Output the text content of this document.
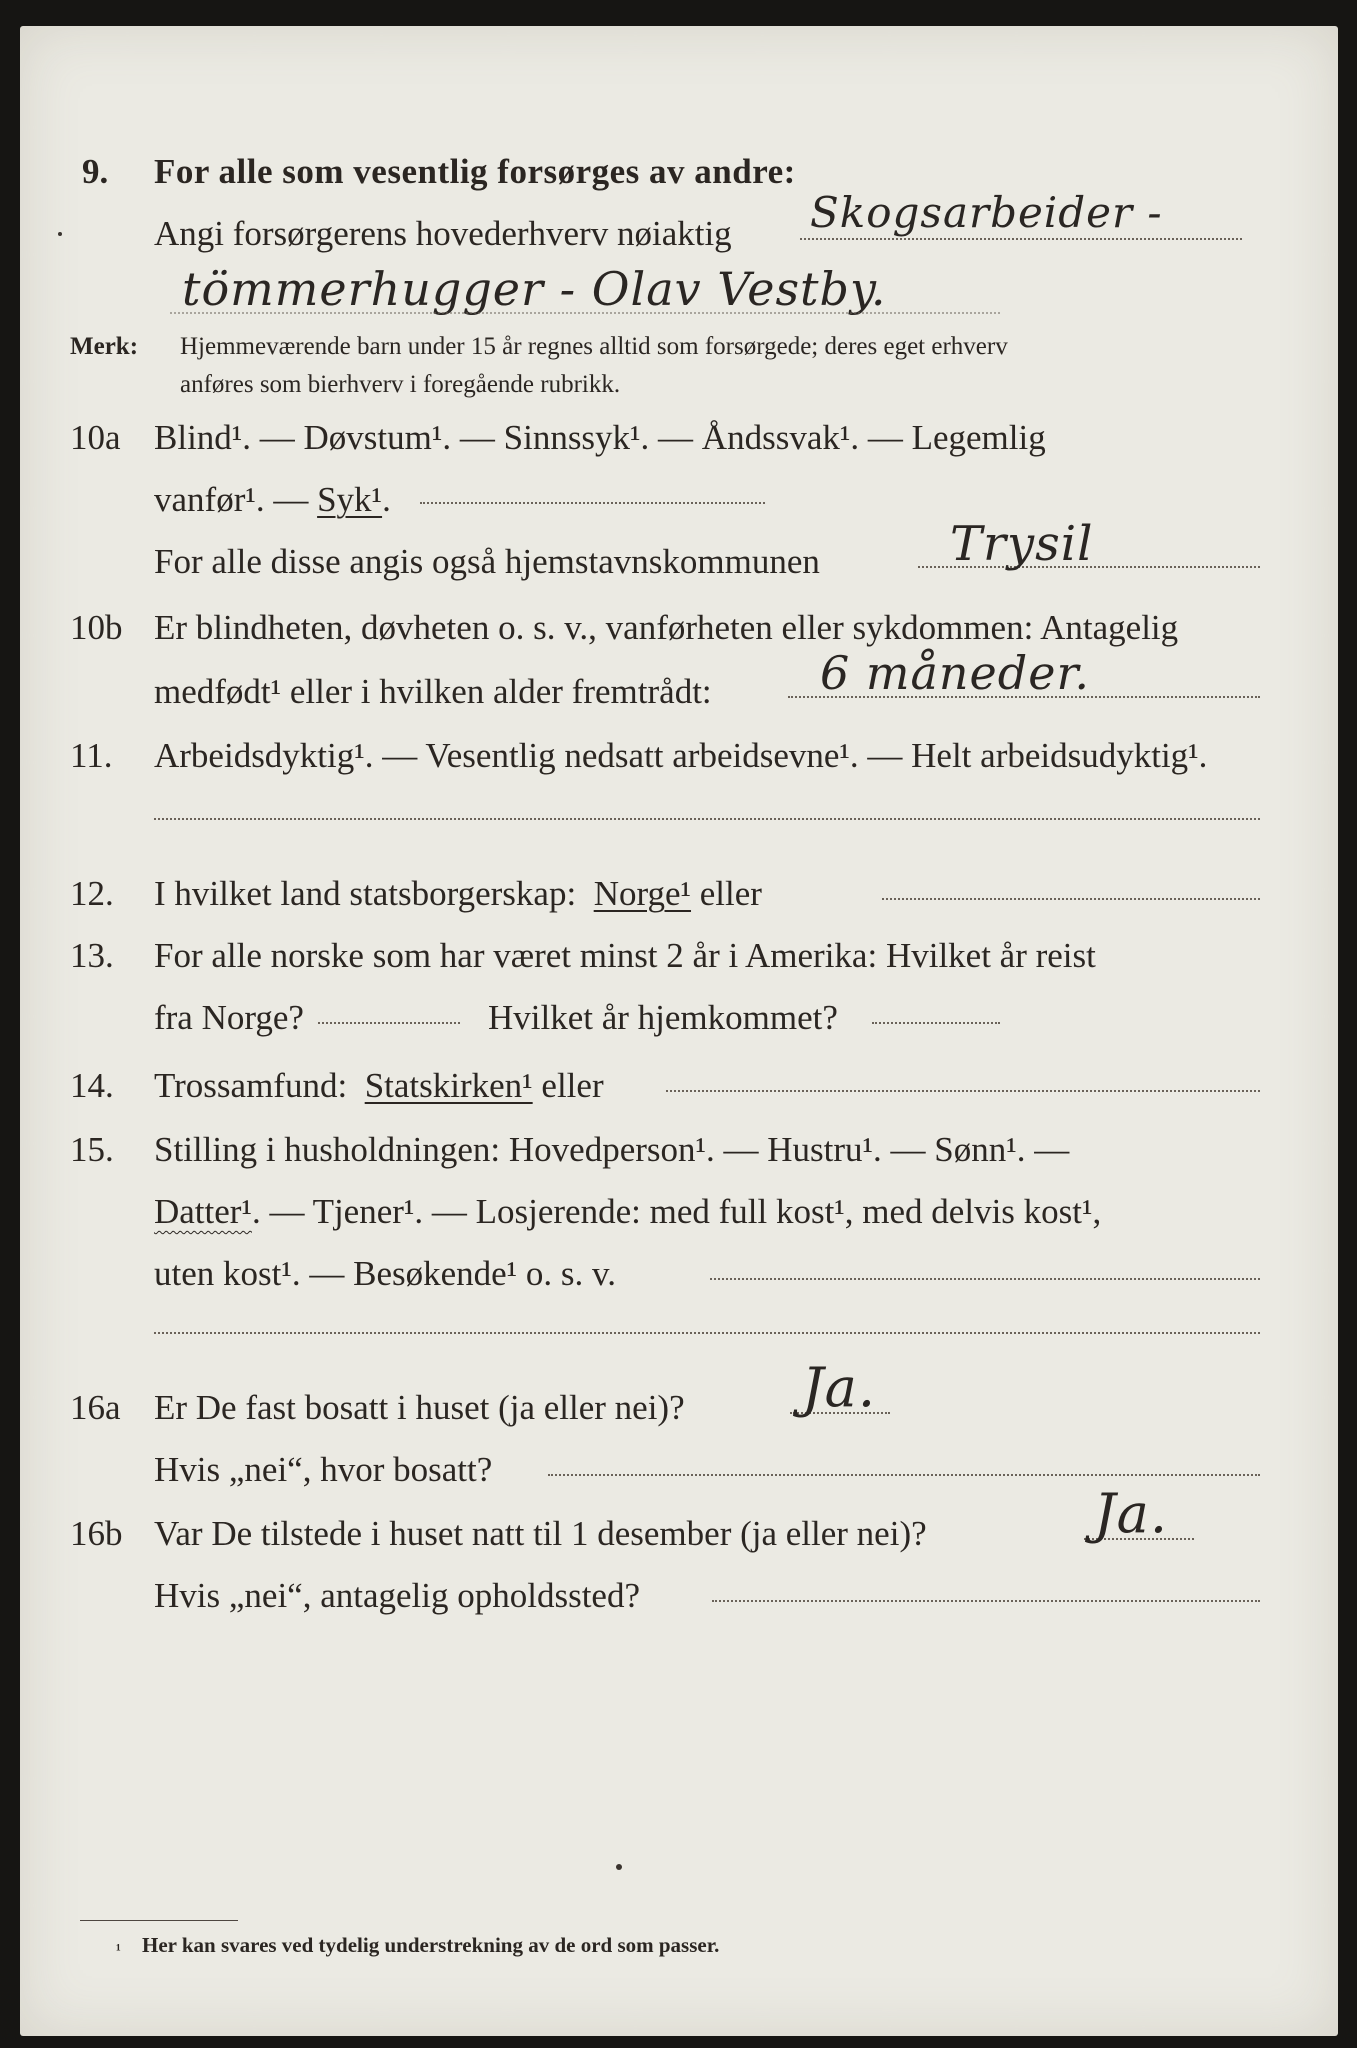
9. For alle som vesentlig forsørges av andre:
Angi forsørgerens hovederhverv nøiaktig Skogsarbeider -
tömmerhugger - Olav Vestby.
Merk: Hjemmeværende barn under 15 år regnes alltid som forsørgede; deres eget erhverv
anføres som bierhverv i foregående rubrikk.
10a Blind¹. — Døvstum¹. — Sinnssyk¹. — Åndssvak¹. — Legemlig
vanfør¹. — Syk¹.
For alle disse angis også hjemstavnskommunen	Trysil
10b Er blindheten, døvheten o. s. v., vanførheten eller sykdommen: Antagelig
medfødt¹ eller i hvilken alder fremtrådt: 6 måneder.
11. Arbeidsdyktig¹. — Vesentlig nedsatt arbeidsevne¹. — Helt arbeidsudyktig¹.
12. I hvilket land statsborgerskap: Norge¹ eller
13. For alle norske som har været minst 2 år i Amerika: Hvilket år reist
fra Norge?	Hvilket år hjemkommet?
14. Trossamfund: Statskirken¹ eller
15. Stilling i husholdningen: Hovedperson¹. — Hustru¹. — Sønn¹. —
Datter¹. — Tjener¹. — Losjerende: med full kost¹, med delvis kost¹,
uten kost¹. — Besøkende¹ o. s. v.
16a Er De fast bosatt i huset (ja eller nei)? Ja.
Hvis „nei“, hvor bosatt?
16b Var De tilstede i huset natt til 1 desember (ja eller nei)?	Ja.
Hvis „nei“, antagelig opholdssted?
¹ Her kan svares ved tydelig understrekning av de ord som passer.
